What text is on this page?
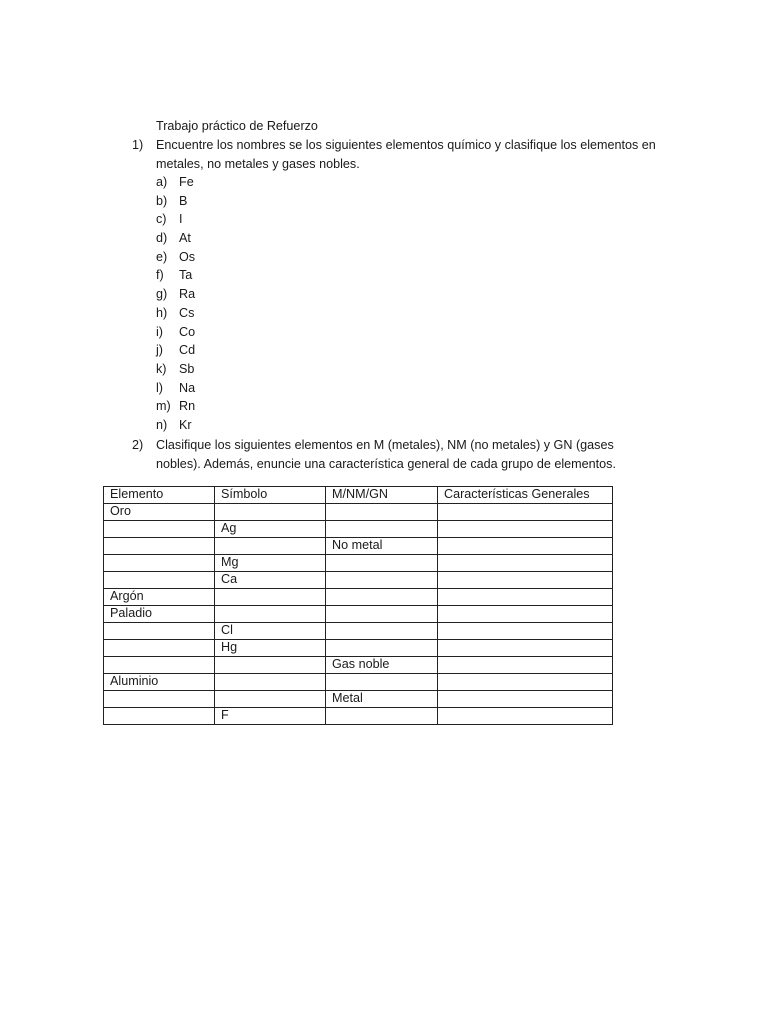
Trabajo práctico de Refuerzo
1) Encuentre los nombres se los siguientes elementos químico y clasifique los elementos en metales, no metales y gases nobles.
a) Fe
b) B
c) I
d) At
e) Os
f) Ta
g) Ra
h) Cs
i) Co
j) Cd
k) Sb
l) Na
m) Rn
n) Kr
2) Clasifique los siguientes elementos en M (metales), NM (no metales) y GN (gases nobles). Además, enuncie una característica general de cada grupo de elementos.
Elemento	Símbolo	M/NM/GN	Características Generales
Oro			
	Ag		
		No metal	
	Mg		
	Ca		
Argón			
Paladio			
	Cl		
	Hg		
		Gas noble	
Aluminio			
		Metal	
	F		
